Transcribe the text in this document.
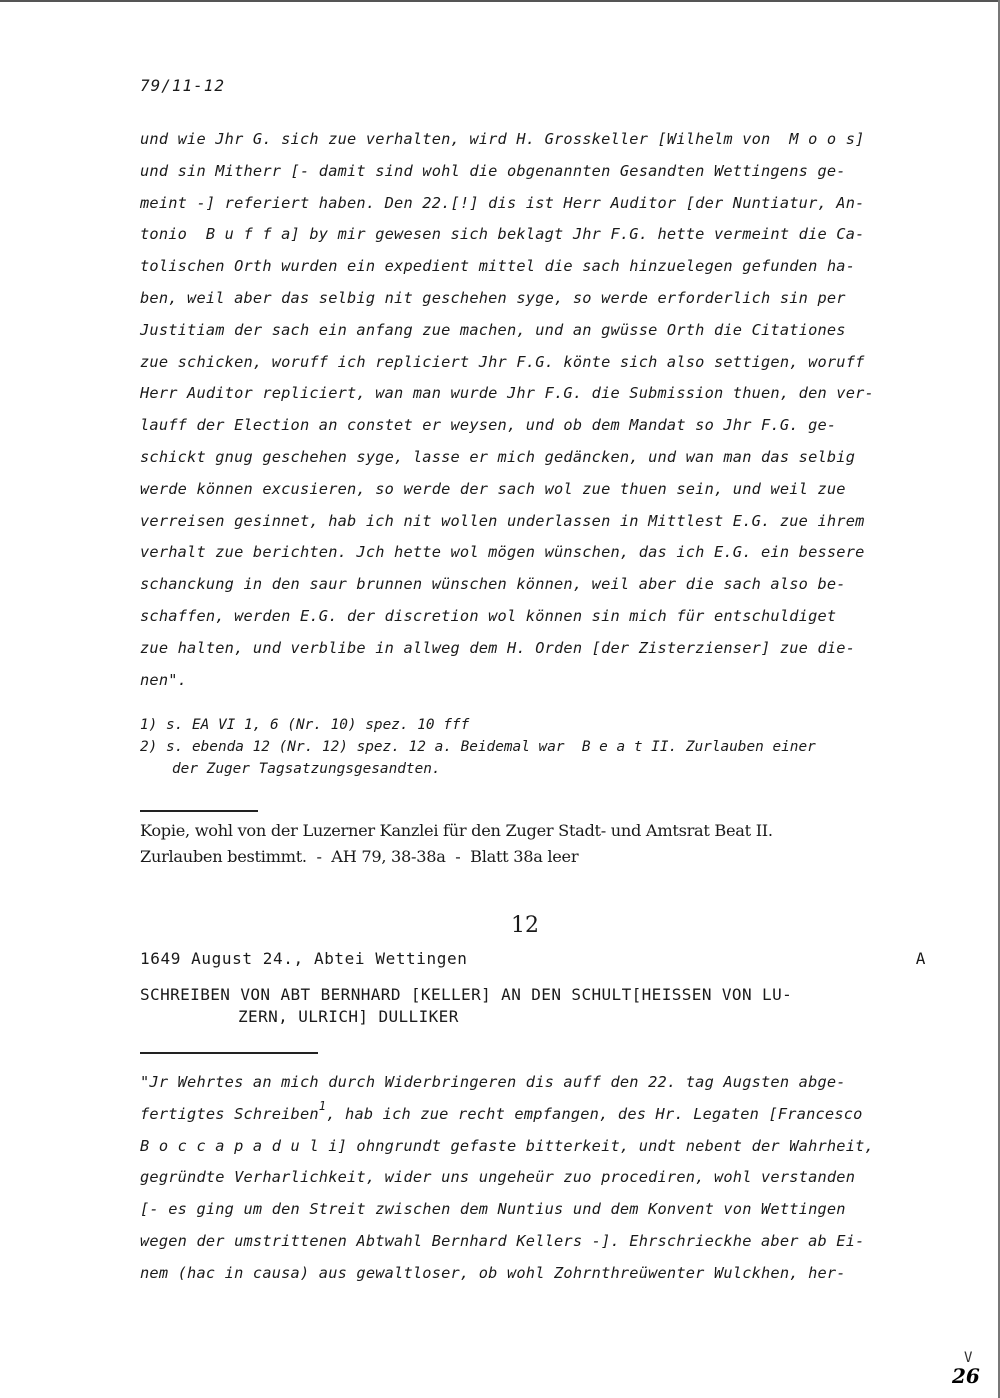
79/11-12
und wie Jhr G. sich zue verhalten, wird H. Grosskeller [Wilhelm von  M o o s]
und sin Mitherr [- damit sind wohl die obgenannten Gesandten Wettingens ge-
meint -] referiert haben. Den 22.[!] dis ist Herr Auditor [der Nuntiatur, An-
tonio  B u f f a] by mir gewesen sich beklagt Jhr F.G. hette vermeint die Ca-
tolischen Orth wurden ein expedient mittel die sach hinzuelegen gefunden ha-
ben, weil aber das selbig nit geschehen syge, so werde erforderlich sin per
Justitiam der sach ein anfang zue machen, und an gwüsse Orth die Citationes
zue schicken, woruff ich repliciert Jhr F.G. könte sich also settigen, woruff
Herr Auditor repliciert, wan man wurde Jhr F.G. die Submission thuen, den ver-
lauff der Election an constet er weysen, und ob dem Mandat so Jhr F.G. ge-
schickt gnug geschehen syge, lasse er mich gedäncken, und wan man das selbig
werde können excusieren, so werde der sach wol zue thuen sein, und weil zue
verreisen gesinnet, hab ich nit wollen underlassen in Mittlest E.G. zue ihrem
verhalt zue berichten. Jch hette wol mögen wünschen, das ich E.G. ein bessere
schanckung in den saur brunnen wünschen können, weil aber die sach also be-
schaffen, werden E.G. der discretion wol können sin mich für entschuldiget
zue halten, und verblibe in allweg dem H. Orden [der Zisterzienser] zue die-
nen".
1) s. EA VI 1, 6 (Nr. 10) spez. 10 fff
2) s. ebenda 12 (Nr. 12) spez. 12 a. Beidemal war  B e a t II. Zurlauben einer
der Zuger Tagsatzungsgesandten.
Kopie, wohl von der Luzerner Kanzlei für den Zuger Stadt- und Amtsrat Beat II.
Zurlauben bestimmt.  -  AH 79, 38-38a  -  Blatt 38a leer
12
1649 August 24., Abtei Wettingen	A
SCHREIBEN VON ABT BERNHARD [KELLER] AN DEN SCHULT[HEISSEN VON LU-
ZERN, ULRICH] DULLIKER
"Jr Wehrtes an mich durch Widerbringeren dis auff den 22. tag Augsten abge-
fertigtes Schreiben$^1$, hab ich zue recht empfangen, des Hr. Legaten [Francesco
B o c c a p a d u l i] ohngrundt gefaste bitterkeit, undt nebent der Wahrheit,
gegründte Verharlichkeit, wider uns ungeheür zuo procediren, wohl verstanden
[- es ging um den Streit zwischen dem Nuntius und dem Konvent von Wettingen
wegen der umstrittenen Abtwahl Bernhard Kellers -]. Ehrschrieckhe aber ab Ei-
nem (hac in causa) aus gewaltloser, ob wohl Zohrnthreüwenter Wulckhen, her-
V
26
